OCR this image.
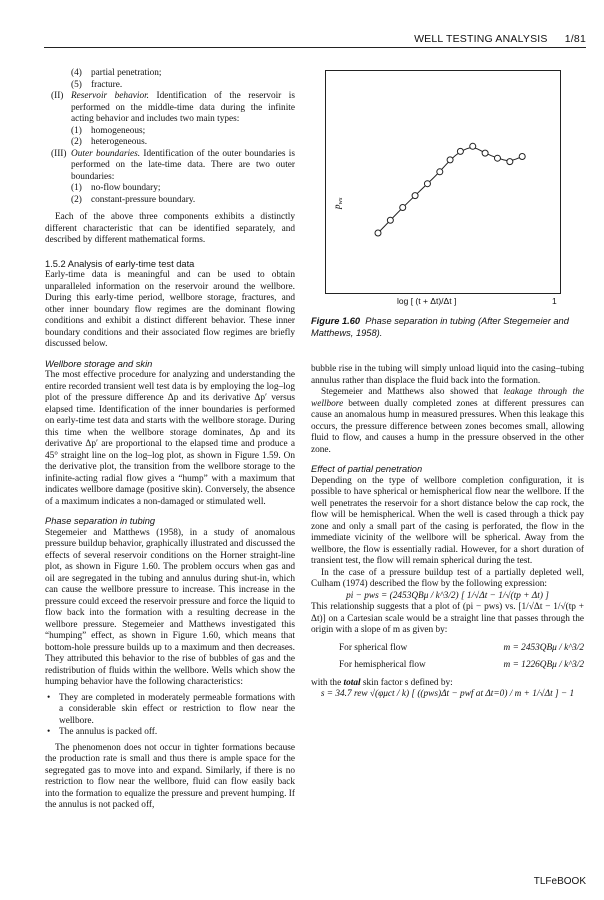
WELL TESTING ANALYSIS 1/81

(4) partial penetration;

(5) fracture.

(II) Reservoir behavior. Identification of the reservoir is performed on the middle-time data during the infinite acting behavior and includes two main types:

(1) homogeneous;

(2) heterogeneous.

(III) Outer boundaries. Identification of the outer boundaries is performed on the late-time data. There are two outer boundaries:

(1) no-flow boundary;

(2) constant-pressure boundary.

Each of the above three components exhibits a distinctly different characteristic that can be identified separately, and described by different mathematical forms.

1.5.2 Analysis of early-time test data

Early-time data is meaningful and can be used to obtain unparalleled information on the reservoir around the wellbore. During this early-time period, wellbore storage, fractures, and other inner boundary flow regimes are the dominant flowing conditions and exhibit a distinct different behavior. These inner boundary conditions and their associated flow regimes are briefly discussed below.

Wellbore storage and skin

The most effective procedure for analyzing and understanding the entire recorded transient well test data is by employing the log–log plot of the pressure difference Δp and its derivative Δp′ versus elapsed time. Identification of the inner boundaries is performed on early-time test data and starts with the wellbore storage. During this time when the wellbore storage dominates, Δp and its derivative Δp′ are proportional to the elapsed time and produce a 45° straight line on the log–log plot, as shown in Figure 1.59. On the derivative plot, the transition from the wellbore storage to the infinite-acting radial flow gives a “hump” with a maximum that indicates wellbore damage (positive skin). Conversely, the absence of a maximum indicates a non-damaged or stimulated well.

Phase separation in tubing

Stegemeier and Matthews (1958), in a study of anomalous pressure buildup behavior, graphically illustrated and discussed the effects of several reservoir conditions on the Horner straight-line plot, as shown in Figure 1.60. The problem occurs when gas and oil are segregated in the tubing and annulus during shut-in, which can cause the wellbore pressure to increase. This increase in the pressure could exceed the reservoir pressure and force the liquid to flow back into the formation with a resulting decrease in the wellbore pressure. Stegemeier and Matthews investigated this “humping” effect, as shown in Figure 1.60, which means that bottom-hole pressure builds up to a maximum and then decreases. They attributed this behavior to the rise of bubbles of gas and the redistribution of fluids within the wellbore. Wells which show the humping behavior have the following characteristics:

• They are completed in moderately permeable formations with a considerable skin effect or restriction to flow near the wellbore.

• The annulus is packed off.

The phenomenon does not occur in tighter formations because the production rate is small and thus there is ample space for the segregated gas to move into and expand. Similarly, if there is no restriction to flow near the wellbore, fluid can flow easily back into the formation to equalize the pressure and prevent humping. If the annulus is not packed off,

$p_{ws}$
log [ (t + Δt)/Δt ]	1
Figure 1.60 Phase separation in tubing (After Stegemeier and Matthews, 1958).

bubble rise in the tubing will simply unload liquid into the casing–tubing annulus rather than displace the fluid back into the formation.

Stegemeier and Matthews also showed that leakage through the wellbore between dually completed zones at different pressures can cause an anomalous hump in measured pressures. When this leakage this occurs, the pressure difference between zones becomes small, allowing fluid to flow, and causes a hump in the pressure observed in the other zone.

Effect of partial penetration

Depending on the type of wellbore completion configuration, it is possible to have spherical or hemispherical flow near the wellbore. If the well penetrates the reservoir for a short distance below the cap rock, the flow will be hemispherical. When the well is cased through a thick pay zone and only a small part of the casing is perforated, the flow in the immediate vicinity of the wellbore will be spherical. Away from the wellbore, the flow is essentially radial. However, for a short duration of transient test, the flow will remain spherical during the test.

In the case of a pressure buildup test of a partially depleted well, Culham (1974) described the flow by the following expression:

pi − pws = (2453QBμ / k^3/2) [ 1/√Δt − 1/√(tp + Δt) ]

This relationship suggests that a plot of (pi − pws) vs. [1/√Δt − 1/√(tp + Δt)] on a Cartesian scale would be a straight line that passes through the origin with a slope of m as given by:

For spherical flow	m = 2453QBμ / k^3/2
For hemispherical flow	m = 1226QBμ / k^3/2

with the total skin factor s defined by:

s = 34.7 rew √(φμct / k) [ ((pws)Δt − pwf at Δt=0) / m + 1/√Δt ] − 1

TLFeBOOK
